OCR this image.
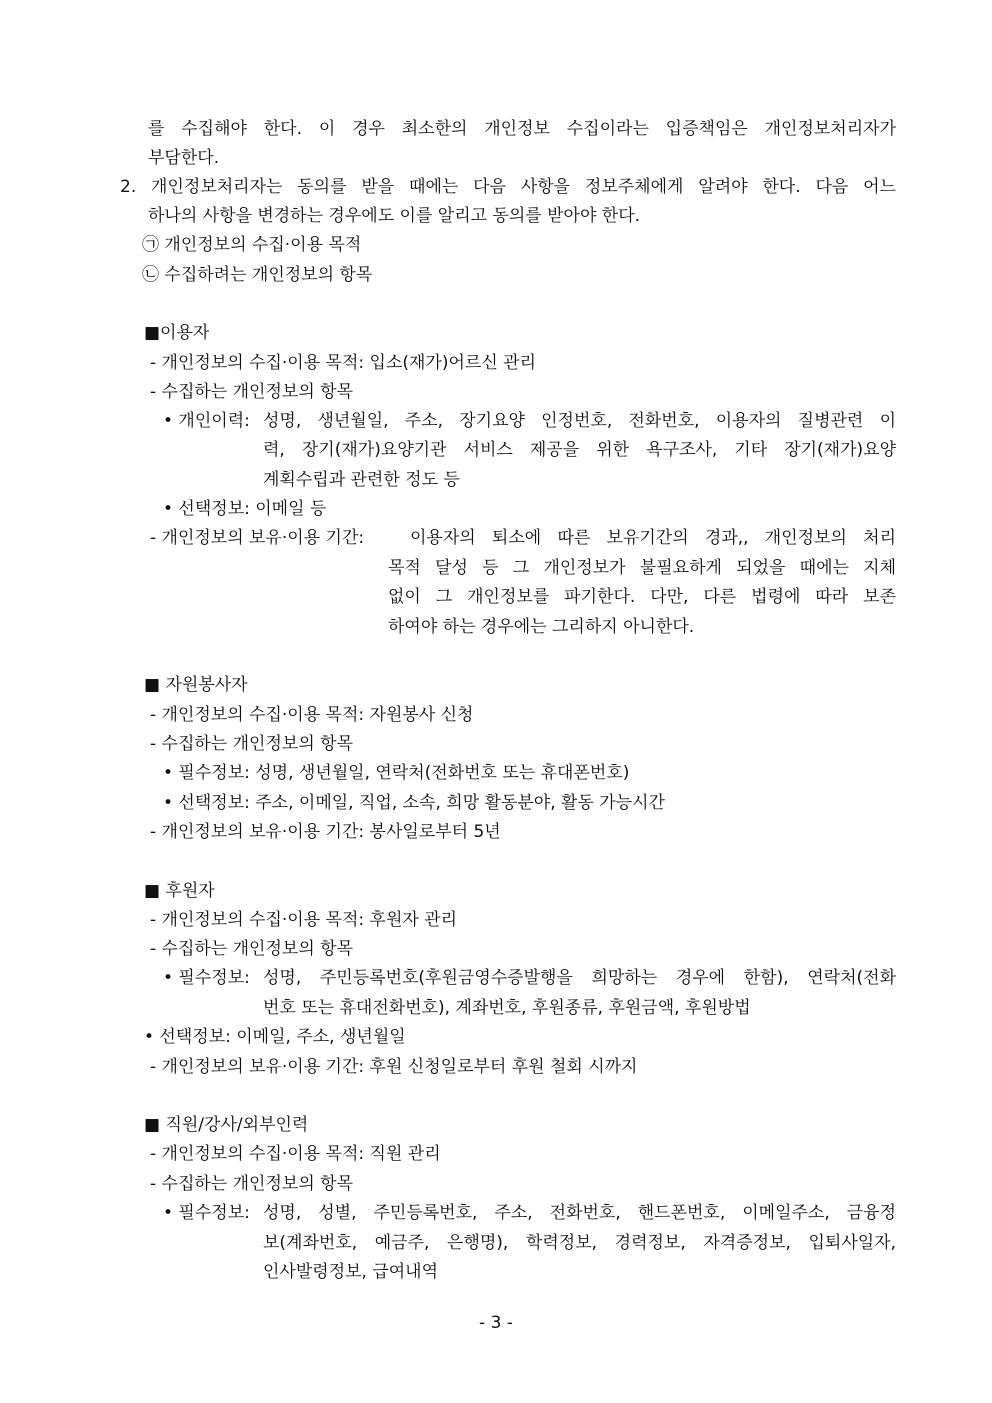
를 수집해야 한다. 이 경우 최소한의 개인정보 수집이라는 입증책임은 개인정보처리자가
부담한다.
2. 개인정보처리자는 동의를 받을 때에는 다음 사항을 정보주체에게 알려야 한다. 다음 어느
하나의 사항을 변경하는 경우에도 이를 알리고 동의를 받아야 한다.
㉠ 개인정보의 수집·이용 목적
㉡ 수집하려는 개인정보의 항목
■이용자
- 개인정보의 수집·이용 목적: 입소(재가)어르신 관리
- 수집하는 개인정보의 항목
• 개인이력: 성명, 생년월일, 주소, 장기요양 인정번호, 전화번호, 이용자의 질병관련 이
력, 장기(재가)요양기관 서비스 제공을 위한 욕구조사, 기타 장기(재가)요양
계획수립과 관련한 정도 등
• 선택정보: 이메일 등
- 개인정보의 보유·이용 기간:	이용자의 퇴소에 따른 보유기간의 경과,, 개인정보의 처리
목적 달성 등 그 개인정보가 불필요하게 되었을 때에는 지체
없이 그 개인정보를 파기한다. 다만, 다른 법령에 따라 보존
하여야 하는 경우에는 그리하지 아니한다.
■ 자원봉사자
- 개인정보의 수집·이용 목적: 자원봉사 신청
- 수집하는 개인정보의 항목
• 필수정보: 성명, 생년월일, 연락처(전화번호 또는 휴대폰번호)
• 선택정보: 주소, 이메일, 직업, 소속, 희망 활동분야, 활동 가능시간
- 개인정보의 보유·이용 기간: 봉사일로부터 5년
■ 후원자
- 개인정보의 수집·이용 목적: 후원자 관리
- 수집하는 개인정보의 항목
• 필수정보: 성명, 주민등록번호(후원금영수증발행을 희망하는 경우에 한함), 연락처(전화
번호 또는 휴대전화번호), 계좌번호, 후원종류, 후원금액, 후원방법
• 선택정보: 이메일, 주소, 생년월일
- 개인정보의 보유·이용 기간: 후원 신청일로부터 후원 철회 시까지
■ 직원/강사/외부인력
- 개인정보의 수집·이용 목적: 직원 관리
- 수집하는 개인정보의 항목
• 필수정보: 성명, 성별, 주민등록번호, 주소, 전화번호, 핸드폰번호, 이메일주소, 금융정
보(계좌번호, 예금주, 은행명), 학력정보, 경력정보, 자격증정보, 입퇴사일자,
인사발령정보, 급여내역
- 3 -
